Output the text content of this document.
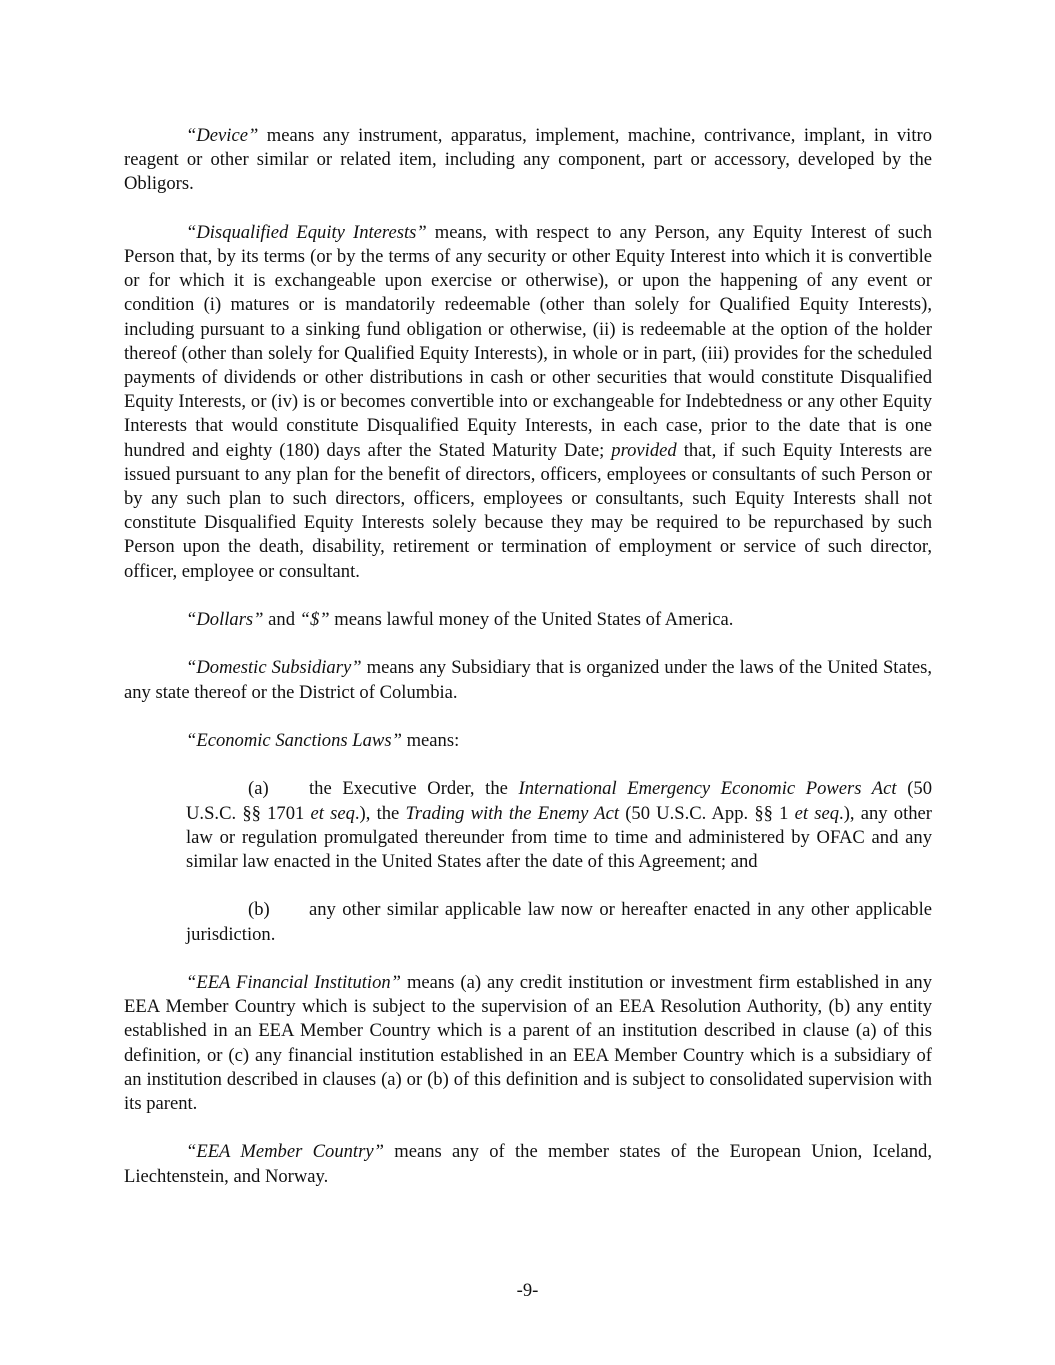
“Device” means any instrument, apparatus, implement, machine, contrivance, implant, in vitro reagent or other similar or related item, including any component, part or accessory, developed by the Obligors.

“Disqualified Equity Interests” means, with respect to any Person, any Equity Interest of such Person that, by its terms (or by the terms of any security or other Equity Interest into which it is convertible or for which it is exchangeable upon exercise or otherwise), or upon the happening of any event or condition (i) matures or is mandatorily redeemable (other than solely for Qualified Equity Interests), including pursuant to a sinking fund obligation or otherwise, (ii) is redeemable at the option of the holder thereof (other than solely for Qualified Equity Interests), in whole or in part, (iii) provides for the scheduled payments of dividends or other distributions in cash or other securities that would constitute Disqualified Equity Interests, or (iv) is or becomes convertible into or exchangeable for Indebtedness or any other Equity Interests that would constitute Disqualified Equity Interests, in each case, prior to the date that is one hundred and eighty (180) days after the Stated Maturity Date; provided that, if such Equity Interests are issued pursuant to any plan for the benefit of directors, officers, employees or consultants of such Person or by any such plan to such directors, officers, employees or consultants, such Equity Interests shall not constitute Disqualified Equity Interests solely because they may be required to be repurchased by such Person upon the death, disability, retirement or termination of employment or service of such director, officer, employee or consultant.

“Dollars” and “$” means lawful money of the United States of America.

“Domestic Subsidiary” means any Subsidiary that is organized under the laws of the United States, any state thereof or the District of Columbia.

“Economic Sanctions Laws” means:

(a) the Executive Order, the International Emergency Economic Powers Act (50 U.S.C. §§ 1701 et seq.), the Trading with the Enemy Act (50 U.S.C. App. §§ 1 et seq.), any other law or regulation promulgated thereunder from time to time and administered by OFAC and any similar law enacted in the United States after the date of this Agreement; and

(b) any other similar applicable law now or hereafter enacted in any other applicable jurisdiction.

“EEA Financial Institution” means (a) any credit institution or investment firm established in any EEA Member Country which is subject to the supervision of an EEA Resolution Authority, (b) any entity established in an EEA Member Country which is a parent of an institution described in clause (a) of this definition, or (c) any financial institution established in an EEA Member Country which is a subsidiary of an institution described in clauses (a) or (b) of this definition and is subject to consolidated supervision with its parent.

“EEA Member Country” means any of the member states of the European Union, Iceland, Liechtenstein, and Norway.

-9-
